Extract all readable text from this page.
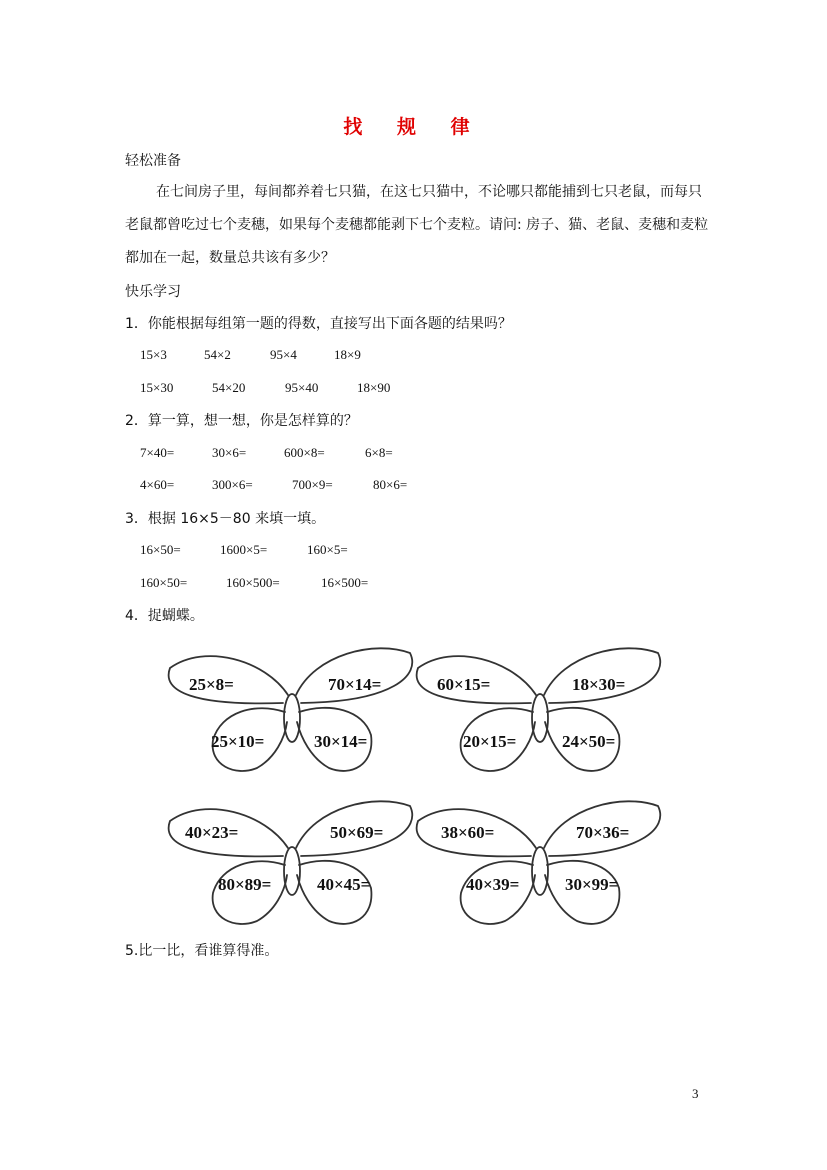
找 规 律
轻松准备
在七间房子里，每间都养着七只猫，在这七只猫中，不论哪只都能捕到七只老鼠，而每只老鼠都曾吃过七个麦穗，如果每个麦穗都能剥下七个麦粒。请问: 房子、猫、老鼠、麦穗和麦粒都加在一起，数量总共该有多少？
快乐学习
1．你能根据每组第一题的得数，直接写出下面各题的结果吗？
15×3	54×2	95×4	18×9
15×30	54×20	95×40	18×90
2．算一算，想一想，你是怎样算的？
7×40=	30×6=	600×8=	6×8=
4×60=	300×6=	700×9=	80×6=
3．根据 16×5－80 来填一填。
16×50=	1600×5=	160×5=
160×50=	160×500=	16×500=
4．捉蝴蝶。
25×8=	70×14=
25×10=	30×14=
60×15=	18×30=
20×15=	24×50=
40×23=	50×69=
80×89=	40×45=
38×60=	70×36=
40×39=	30×99=
5.比一比，看谁算得准。
3
